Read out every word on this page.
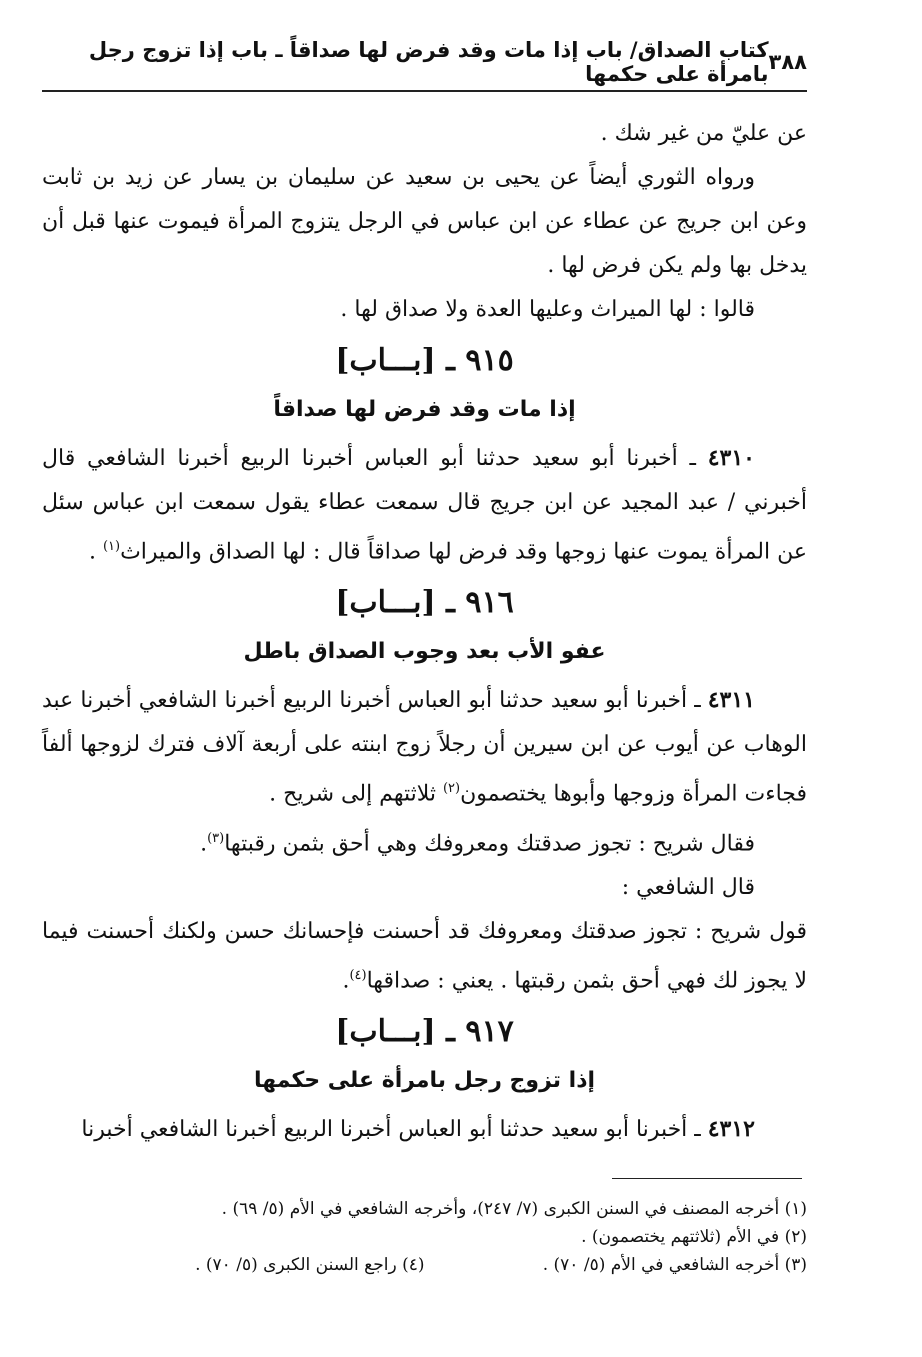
٣٨٨
كتاب الصداق/ باب إذا مات وقد فرض لها صداقاً ـ باب إذا تزوج رجل بامرأة على حكمها

عن عليّ من غير شك .

ورواه الثوري أيضاً عن يحيى بن سعيد عن سليمان بن يسار عن زيد بن ثابت وعن ابن جريج عن عطاء عن ابن عباس في الرجل يتزوج المرأة فيموت عنها قبل أن يدخل بها ولم يكن فرض لها .

قالوا : لها الميراث وعليها العدة ولا صداق لها .

٩١٥ ـ [بـــاب]
إذا مات وقد فرض لها صداقاً

٤٣١٠ ـ أخبرنا أبو سعيد حدثنا أبو العباس أخبرنا الربيع أخبرنا الشافعي قال أخبرني / عبد المجيد عن ابن جريج قال سمعت عطاء يقول سمعت ابن عباس سئل عن المرأة يموت عنها زوجها وقد فرض لها صداقاً قال : لها الصداق والميراث$^{(١)}$ .

٩١٦ ـ [بـــاب]
عفو الأب بعد وجوب الصداق باطل

٤٣١١ ـ أخبرنا أبو سعيد حدثنا أبو العباس أخبرنا الربيع أخبرنا الشافعي أخبرنا عبد الوهاب عن أيوب عن ابن سيرين أن رجلاً زوج ابنته على أربعة آلاف فترك لزوجها ألفاً فجاءت المرأة وزوجها وأبوها يختصمون$^{(٢)}$ ثلاثتهم إلى شريح .

فقال شريح : تجوز صدقتك ومعروفك وهي أحق بثمن رقبتها$^{(٣)}$.

قال الشافعي :

قول شريح : تجوز صدقتك ومعروفك قد أحسنت فإحسانك حسن ولكنك أحسنت فيما لا يجوز لك فهي أحق بثمن رقبتها . يعني : صداقها$^{(٤)}$.

٩١٧ ـ [بـــاب]
إذا تزوج رجل بامرأة على حكمها

٤٣١٢ ـ أخبرنا أبو سعيد حدثنا أبو العباس أخبرنا الربيع أخبرنا الشافعي أخبرنا

(١) أخرجه المصنف في السنن الكبرى (٧/ ٢٤٧)، وأخرجه الشافعي في الأم (٥/ ٦٩) .
(٢) في الأم (ثلاثتهم يختصمون) .
(٣) أخرجه الشافعي في الأم (٥/ ٧٠) .
(٤) راجع السنن الكبرى (٥/ ٧٠) .
